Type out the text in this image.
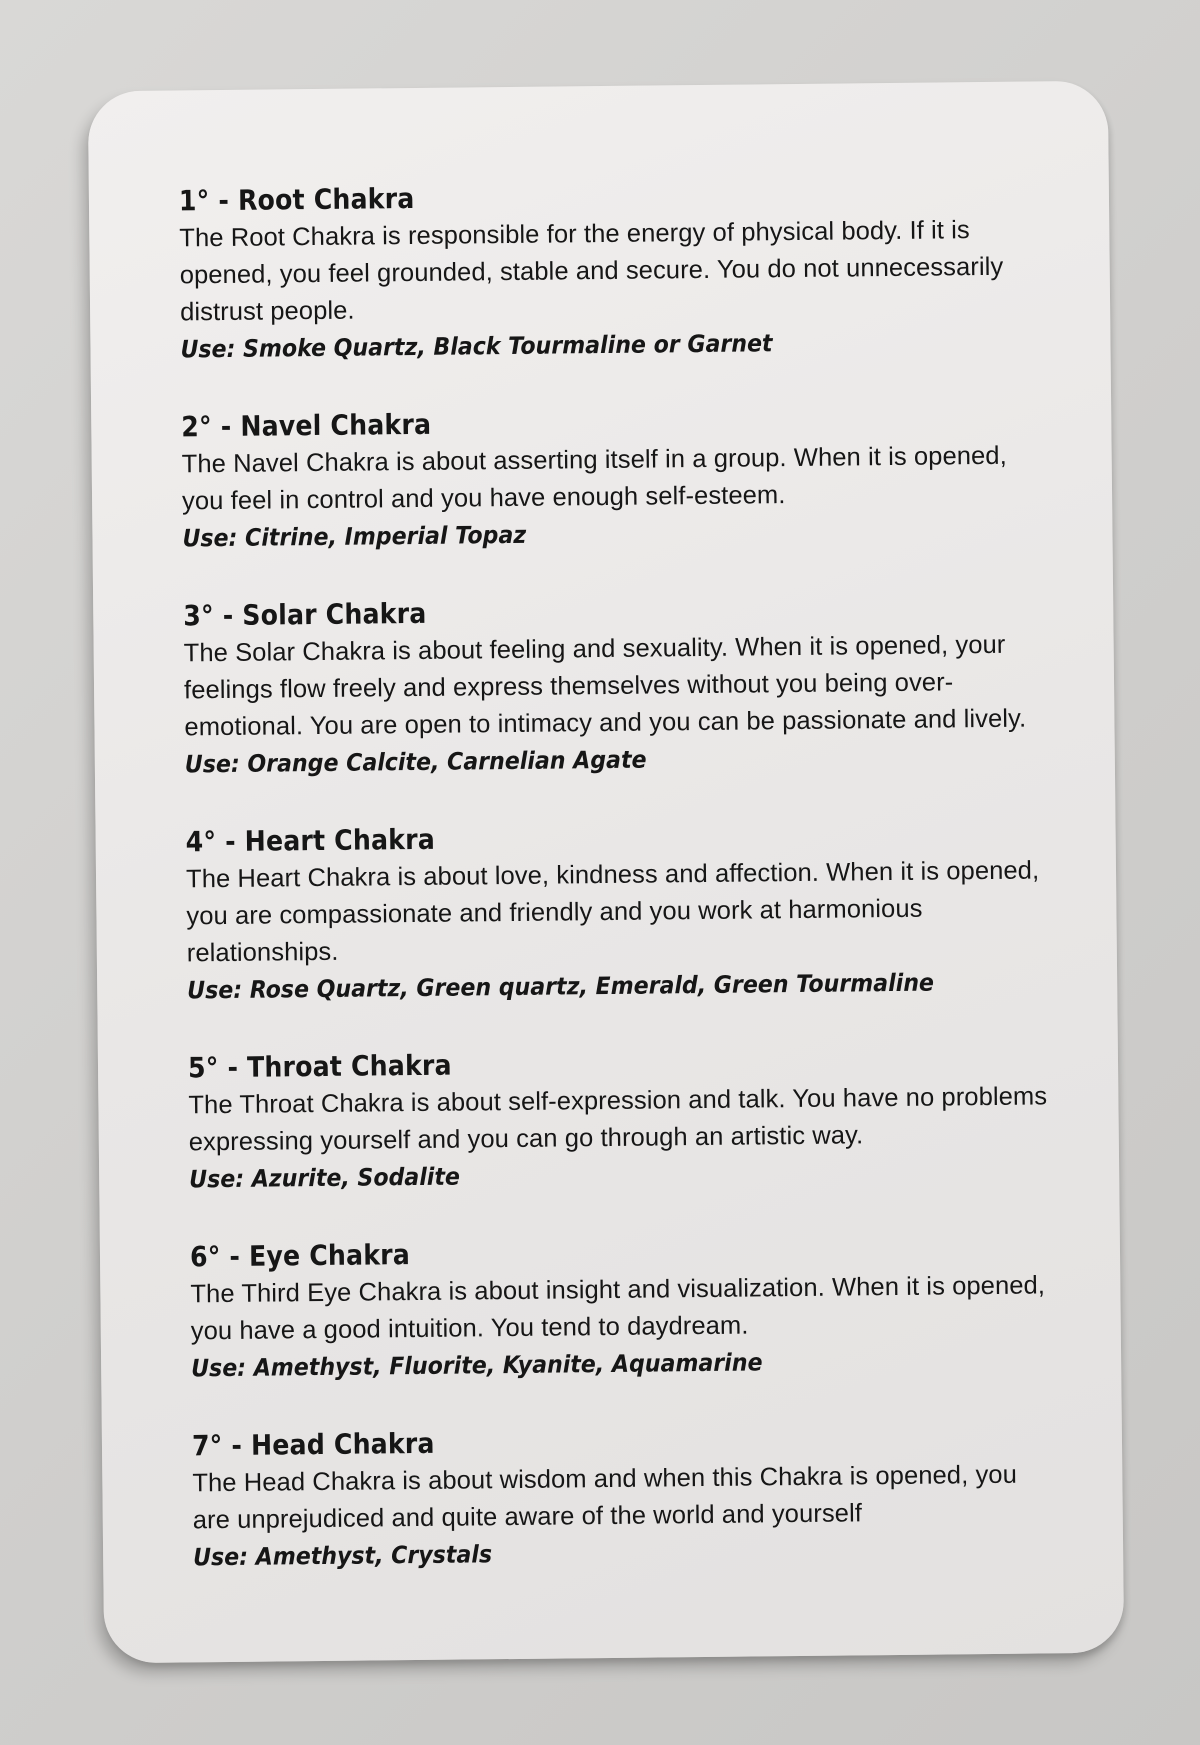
1° - Root Chakra
The Root Chakra is responsible for the energy of physical body. If it is opened, you feel grounded, stable and secure. You do not unnecessarily distrust people.
Use: Smoke Quartz, Black Tourmaline or Garnet
2° - Navel Chakra
The Navel Chakra is about asserting itself in a group. When it is opened, you feel in control and you have enough self-esteem.
Use: Citrine, Imperial Topaz
3° - Solar Chakra
The Solar Chakra is about feeling and sexuality. When it is opened, your feelings flow freely and express themselves without you being over-emotional. You are open to intimacy and you can be passionate and lively.
Use: Orange Calcite, Carnelian Agate
4° - Heart Chakra
The Heart Chakra is about love, kindness and affection. When it is opened, you are compassionate and friendly and you work at harmonious relationships.
Use: Rose Quartz, Green quartz, Emerald, Green Tourmaline
5° - Throat Chakra
The Throat Chakra is about self-expression and talk. You have no problems expressing yourself and you can go through an artistic way.
Use: Azurite, Sodalite
6° - Eye Chakra
The Third Eye Chakra is about insight and visualization. When it is opened, you have a good intuition. You tend to daydream.
Use: Amethyst, Fluorite, Kyanite, Aquamarine
7° - Head Chakra
The Head Chakra is about wisdom and when this Chakra is opened, you are unprejudiced and quite aware of the world and yourself
Use: Amethyst, Crystals
